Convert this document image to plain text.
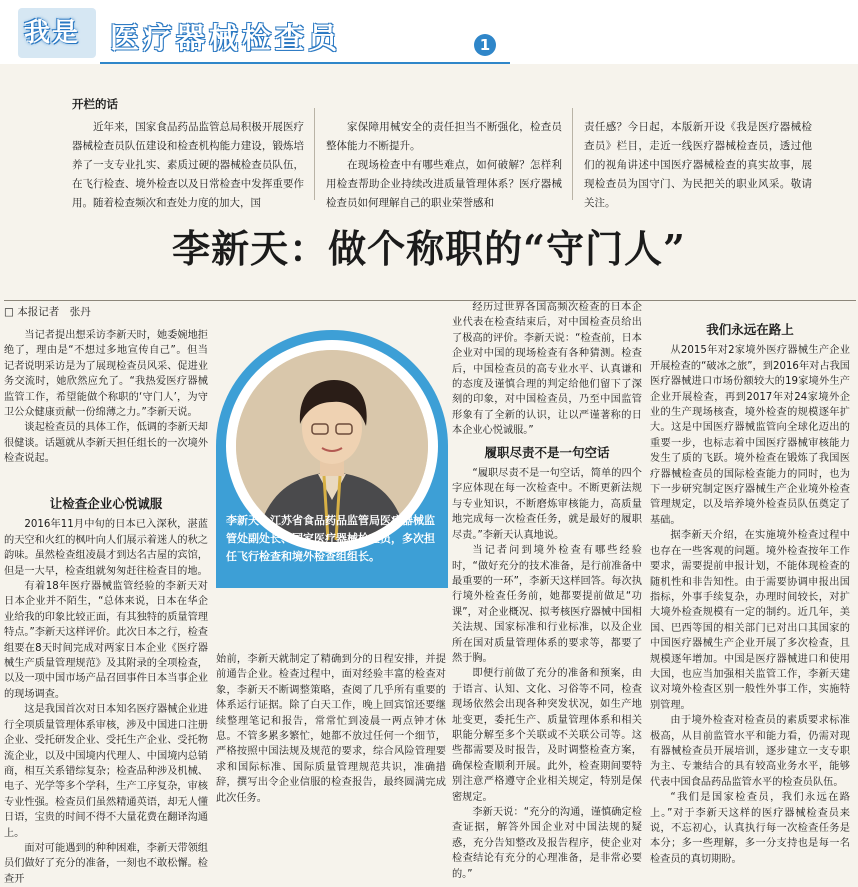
我是 医疗器械检查员	1
开栏的话

近年来，国家食品药品监管总局积极开展医疗器械检查员队伍建设和检查机构能力建设，锻炼培养了一支专业扎实、素质过硬的器械检查员队伍，在飞行检查、境外检查以及日常检查中发挥重要作用。随着检查频次和查处力度的加大，国

家保障用械安全的责任担当不断强化，检查员整体能力不断提升。

在现场检查中有哪些难点，如何破解？怎样利用检查帮助企业持续改进质量管理体系？医疗器械检查员如何理解自己的职业荣誉感和

责任感？今日起，本版新开设《我是医疗器械检查员》栏目，走近一线医疗器械检查员，透过他们的视角讲述中国医疗器械检查的真实故事，展现检查员为国守门、为民把关的职业风采。敬请关注。

李新天：做个称职的“守门人”
□ 本报记者　张丹

当记者提出想采访李新天时，她委婉地拒绝了，理由是“不想过多地宣传自己”。但当记者说明采访是为了展现检查员风采、促进业务交流时，她欣然应允了。“我热爱医疗器械监管工作，希望能做个称职的‘守门人’，为守卫公众健康贡献一份绵薄之力。”李新天说。

谈起检查员的具体工作，低调的李新天却很健谈。话题就从李新天担任组长的一次境外检查说起。

让检查企业心悦诚服

2016年11月中旬的日本已入深秋，湛蓝的天空和火红的枫叶向人们展示着迷人的秋之韵味。虽然检查组凌晨才到达名古屋的宾馆，但是一大早，检查组就匆匆赶往检查目的地。

有着18年医疗器械监管经验的李新天对日本企业并不陌生，“总体来说，日本在华企业给我的印象比较正面，有其独特的质量管理特点。”李新天这样评价。此次日本之行，检查组要在8天时间完成对两家日本企业《医疗器械生产质量管理规范》及其附录的全项检查，以及一项中国市场产品召回事件日本当事企业的现场调查。

这是我国首次对日本知名医疗器械企业进行全项质量管理体系审核，涉及中国进口注册企业、受托研发企业、受托生产企业、受托物流企业，以及中国境内代理人、中国境内总销商，相互关系错综复杂；检查品种涉及机械、电子、光学等多个学科，生产工序复杂，审核专业性强。检查员们虽然精通英语，却无人懂日语，宝贵的时间不得不大量花费在翻译沟通上。

面对可能遇到的种种困难，李新天带领组员们做好了充分的准备，一刻也不敢松懈。检查开

李新天：江苏省食品药品监管局医疗器械监管处副处长、国家医疗器械检查员，多次担任飞行检查和境外检查组组长。

始前，李新天就制定了精确到分的日程安排，并提前通告企业。检查过程中，面对经验丰富的检查对象，李新天不断调整策略，查阅了几乎所有重要的体系运行证据。除了白天工作，晚上回宾馆还要继续整理笔记和报告，常常忙到凌晨一两点钟才休息。不管多累多繁忙，她都不放过任何一个细节，严格按照中国法规及规范的要求，综合风险管理要求和国际标准、国际质量管理规范共识，准确措辞，撰写出令企业信服的检查报告，最终圆满完成此次任务。

经历过世界各国高频次检查的日本企业代表在检查结束后，对中国检查员给出了极高的评价。李新天说：“检查前，日本企业对中国的现场检查有各种猜测。检查后，中国检查员的高专业水平、认真谦和的态度及谨慎合理的判定给他们留下了深刻的印象，对中国检查员，乃至中国监管形象有了全新的认识，让以严谨著称的日本企业心悦诚服。”

履职尽责不是一句空话

“履职尽责不是一句空话，简单的四个字应体现在每一次检查中。不断更新法规与专业知识，不断磨炼审核能力，高质量地完成每一次检查任务，就是最好的履职尽责。”李新天认真地说。

当记者问到境外检查有哪些经验时，“做好充分的技术准备，是行前准备中最重要的一环”，李新天这样回答。每次执行境外检查任务前，她都要提前做足“功课”，对企业概况、拟考核医疗器械中国相关法规、国家标准和行业标准，以及企业所在国对质量管理体系的要求等，都要了然于胸。

即便行前做了充分的准备和预案，由于语言、认知、文化、习俗等不同，检查现场依然会出现各种突发状况，如生产地址变更，委托生产、质量管理体系和相关职能分解至多个关联或不关联公司等。这些都需要及时报告，及时调整检查方案，确保检查顺利开展。此外，检查期间要特别注意严格遵守企业相关规定，特别是保密规定。

李新天说：“充分的沟通，谨慎确定检查证据，解答外国企业对中国法规的疑惑，充分告知整改及报告程序，使企业对检查结论有充分的心理准备，是非常必要的。”

我们永远在路上

从2015年对2家境外医疗器械生产企业开展检查的“破冰之旅”，到2016年对占我国医疗器械进口市场份额较大的19家境外生产企业开展检查，再到2017年对24家境外企业的生产现场核查，境外检查的规模逐年扩大。这是中国医疗器械监管向全球化迈出的重要一步，也标志着中国医疗器械审核能力发生了质的飞跃。境外检查在锻炼了我国医疗器械检查员的国际检查能力的同时，也为下一步研究制定医疗器械生产企业境外检查管理规定，以及培养境外检查员队伍奠定了基础。

据李新天介绍，在实施境外检查过程中也存在一些客观的问题。境外检查按年工作要求，需要提前申报计划，不能体现检查的随机性和非告知性。由于需要协调申报出国指标，外事手续复杂，办理时间较长，对扩大境外检查规模有一定的制约。近几年，美国、巴西等国的相关部门已对出口其国家的中国医疗器械生产企业开展了多次检查，且规模逐年增加。中国是医疗器械进口和使用大国，也应当加强相关监管工作，李新天建议对境外检查区别一般性外事工作，实施特别管理。

由于境外检查对检查员的素质要求标准极高，从目前监管水平和能力看，仍需对现有器械检查员开展培训，逐步建立一支专职为主、专兼结合的具有较高业务水平，能够代表中国食品药品监管水平的检查员队伍。

“我们是国家检查员，我们永远在路上。”对于李新天这样的医疗器械检查员来说，不忘初心，认真执行每一次检查任务是本分；多一些理解，多一分支持也是每一名检查员的真切期盼。
